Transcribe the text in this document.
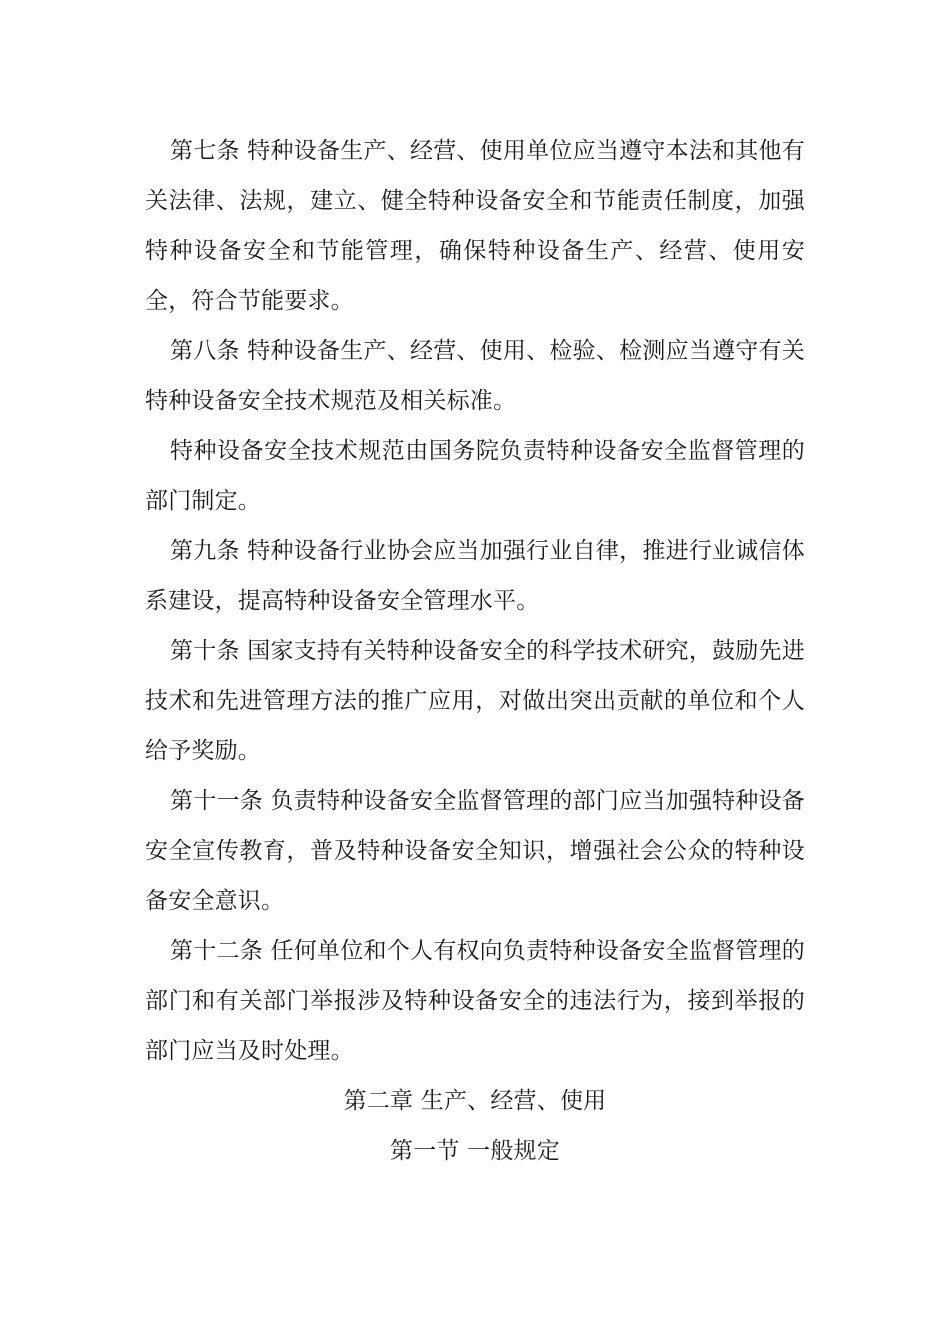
第七条 特种设备生产、经营、使用单位应当遵守本法和其他有关法律、法规，建立、健全特种设备安全和节能责任制度，加强特种设备安全和节能管理，确保特种设备生产、经营、使用安全，符合节能要求。

第八条 特种设备生产、经营、使用、检验、检测应当遵守有关特种设备安全技术规范及相关标准。

特种设备安全技术规范由国务院负责特种设备安全监督管理的部门制定。

第九条 特种设备行业协会应当加强行业自律，推进行业诚信体系建设，提高特种设备安全管理水平。

第十条 国家支持有关特种设备安全的科学技术研究，鼓励先进技术和先进管理方法的推广应用，对做出突出贡献的单位和个人给予奖励。

第十一条 负责特种设备安全监督管理的部门应当加强特种设备安全宣传教育，普及特种设备安全知识，增强社会公众的特种设备安全意识。

第十二条 任何单位和个人有权向负责特种设备安全监督管理的部门和有关部门举报涉及特种设备安全的违法行为，接到举报的部门应当及时处理。

第二章 生产、经营、使用

第一节 一般规定
